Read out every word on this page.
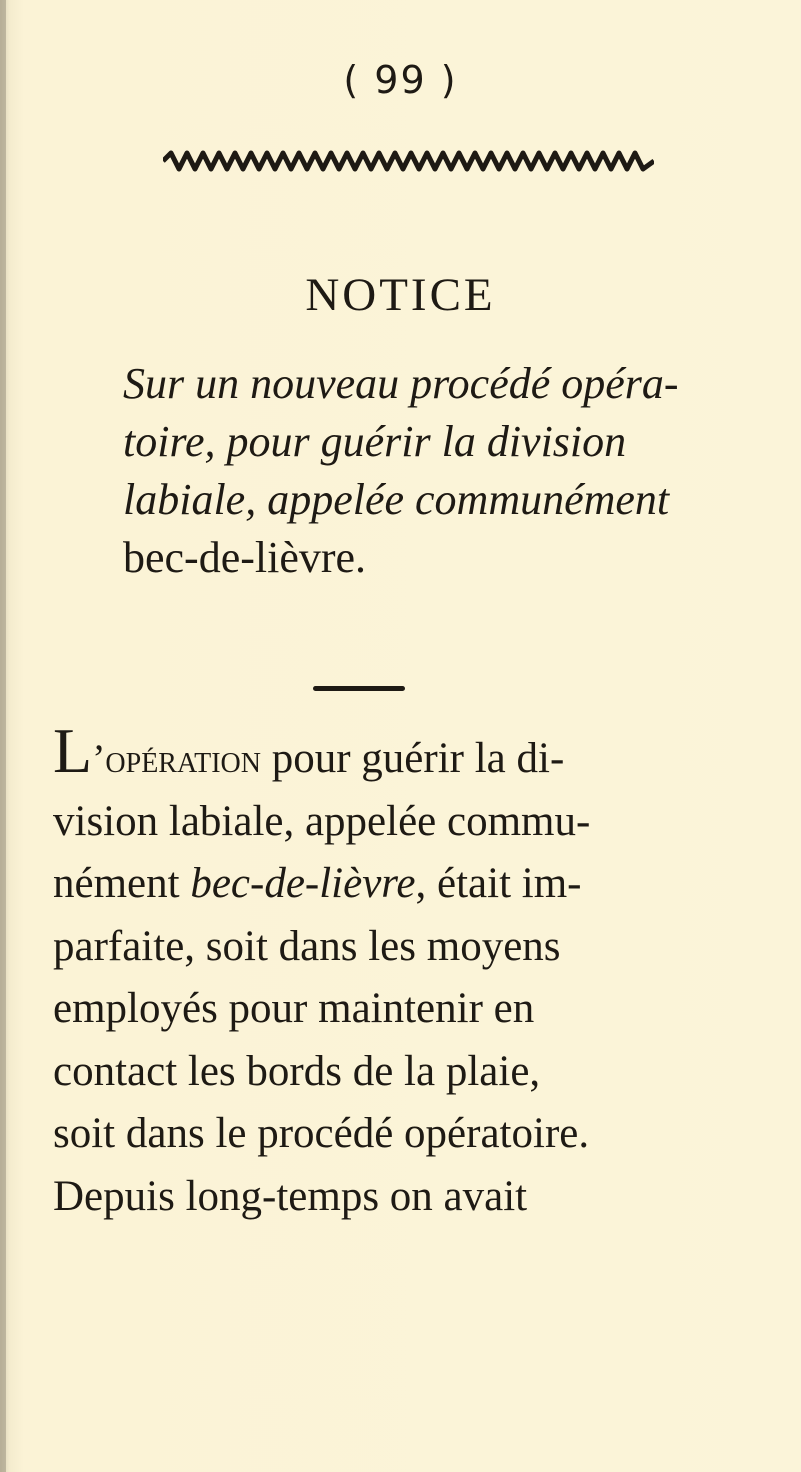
( 99 )
NOTICE
Sur un nouveau procédé opéra-
toire, pour guérir la division
labiale, appelée communément
bec-de-lièvre.
L’opération pour guérir la di-
vision labiale, appelée commu-
nément bec-de-lièvre, était im-
parfaite, soit dans les moyens
employés pour maintenir en
contact les bords de la plaie,
soit dans le procédé opératoire.
Depuis long-temps on avait
